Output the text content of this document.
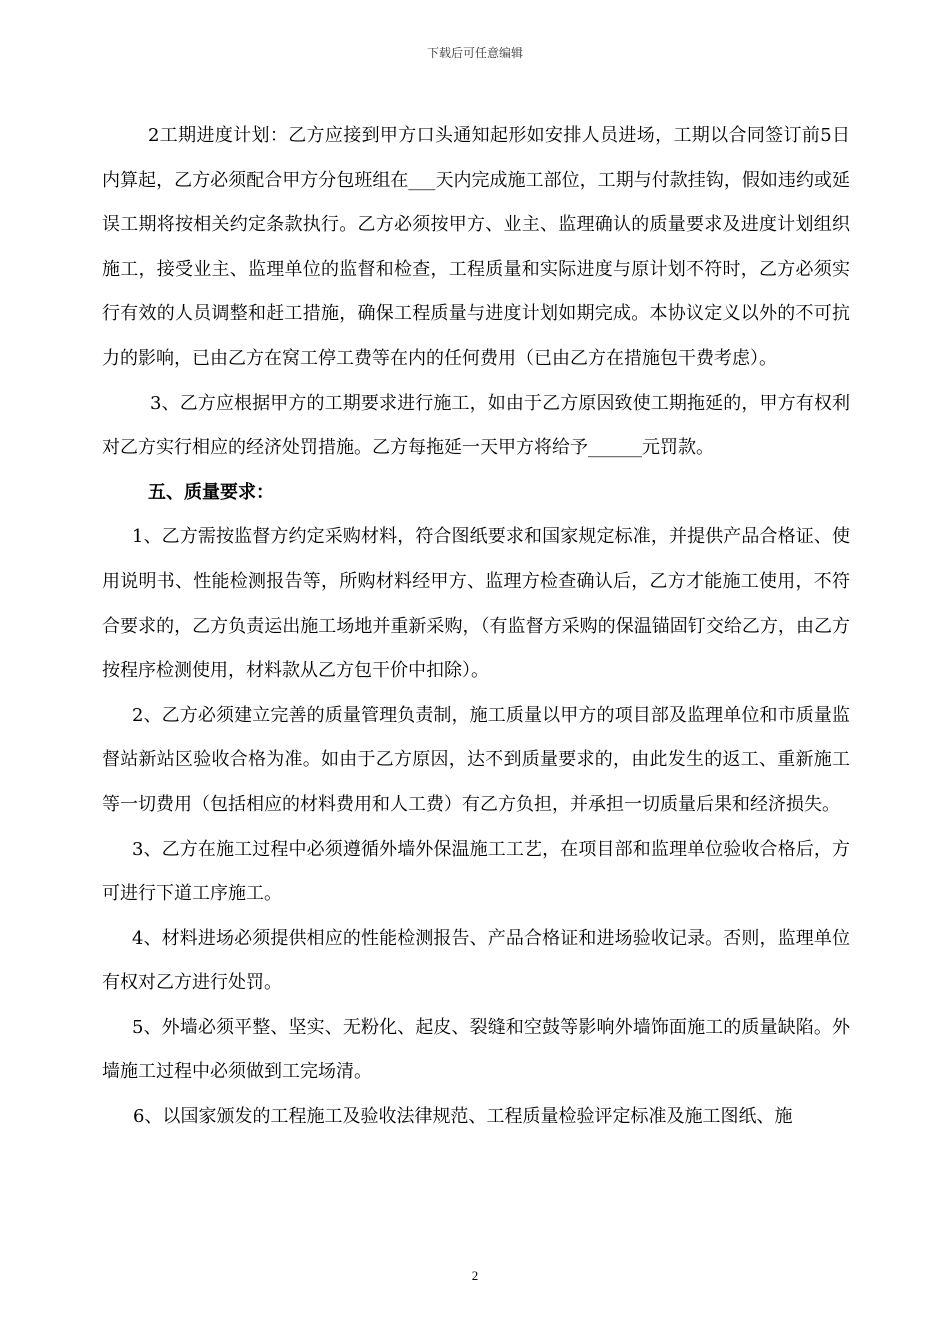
下载后可任意编辑

2工期进度计划：乙方应接到甲方口头通知起形如安排人员进场，工期以合同签订前5日内算起，乙方必须配合甲方分包班组在___天内完成施工部位，工期与付款挂钩，假如违约或延误工期将按相关约定条款执行。乙方必须按甲方、业主、监理确认的质量要求及进度计划组织施工，接受业主、监理单位的监督和检查，工程质量和实际进度与原计划不符时，乙方必须实行有效的人员调整和赶工措施，确保工程质量与进度计划如期完成。本协议定义以外的不可抗力的影响，已由乙方在窝工停工费等在内的任何费用（已由乙方在措施包干费考虑）。

3、乙方应根据甲方的工期要求进行施工，如由于乙方原因致使工期拖延的，甲方有权利对乙方实行相应的经济处罚措施。乙方每拖延一天甲方将给予______元罚款。

五、质量要求：

1、乙方需按监督方约定采购材料，符合图纸要求和国家规定标准，并提供产品合格证、使用说明书、性能检测报告等，所购材料经甲方、监理方检查确认后，乙方才能施工使用，不符合要求的，乙方负责运出施工场地并重新采购，（有监督方采购的保温锚固钉交给乙方，由乙方按程序检测使用，材料款从乙方包干价中扣除）。

2、乙方必须建立完善的质量管理负责制，施工质量以甲方的项目部及监理单位和市质量监督站新站区验收合格为准。如由于乙方原因，达不到质量要求的，由此发生的返工、重新施工等一切费用（包括相应的材料费用和人工费）有乙方负担，并承担一切质量后果和经济损失。

3、乙方在施工过程中必须遵循外墙外保温施工工艺，在项目部和监理单位验收合格后，方可进行下道工序施工。

4、材料进场必须提供相应的性能检测报告、产品合格证和进场验收记录。否则，监理单位有权对乙方进行处罚。

5、外墙必须平整、坚实、无粉化、起皮、裂缝和空鼓等影响外墙饰面施工的质量缺陷。外墙施工过程中必须做到工完场清。

6、以国家颁发的工程施工及验收法律规范、工程质量检验评定标准及施工图纸、施

2
